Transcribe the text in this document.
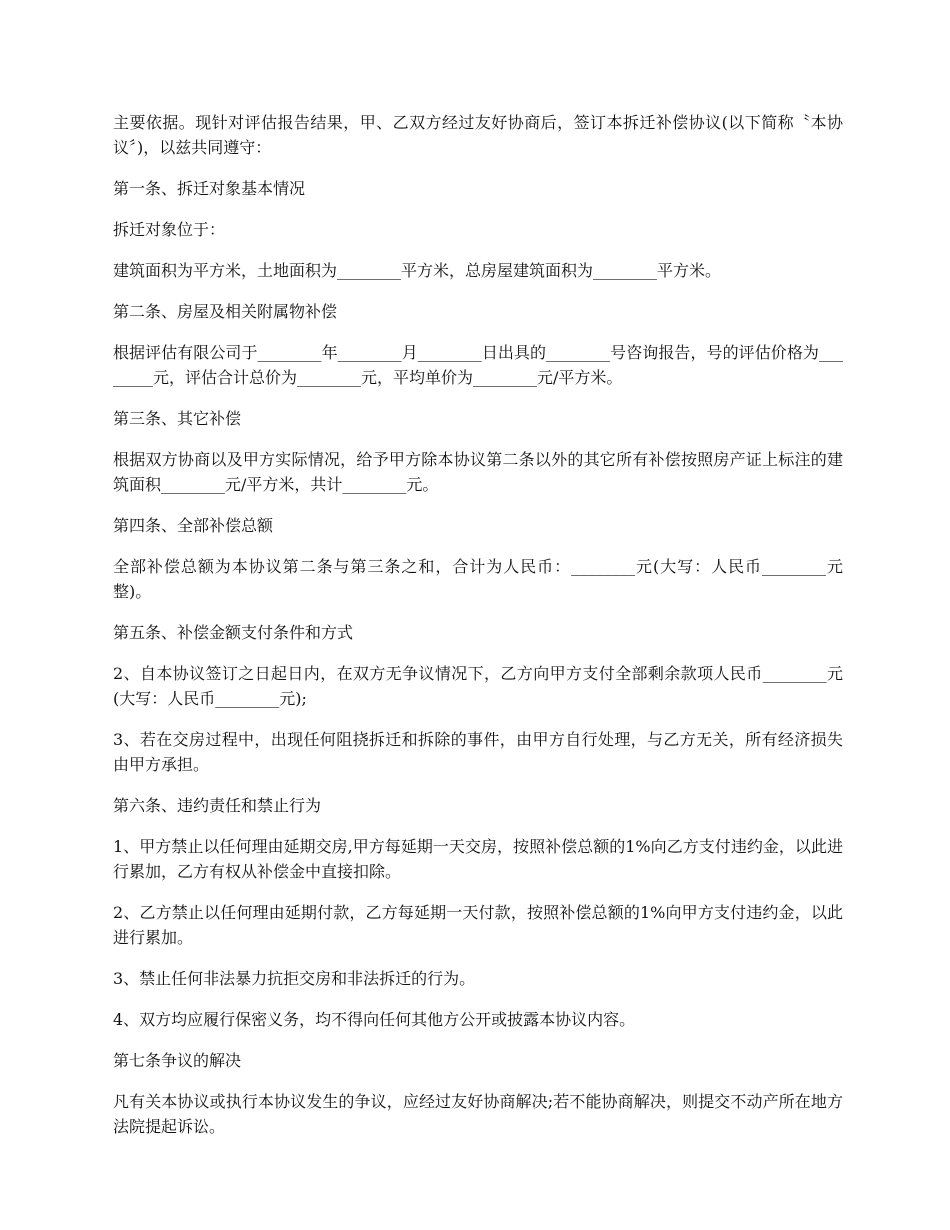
主要依据。现针对评估报告结果，甲、乙双方经过友好协商后，签订本拆迁补偿协议(以下简称〝本协议〞)，以兹共同遵守：

第一条、拆迁对象基本情况

拆迁对象位于：

建筑面积为平方米，土地面积为________平方米，总房屋建筑面积为________平方米。

第二条、房屋及相关附属物补偿

根据评估有限公司于________年________月________日出具的________号咨询报告，号的评估价格为________元，评估合计总价为________元，平均单价为________元/平方米。

第三条、其它补偿

根据双方协商以及甲方实际情况，给予甲方除本协议第二条以外的其它所有补偿按照房产证上标注的建筑面积________元/平方米，共计________元。

第四条、全部补偿总额

全部补偿总额为本协议第二条与第三条之和，合计为人民币：________元(大写：人民币________元整)。

第五条、补偿金额支付条件和方式

2、自本协议签订之日起日内，在双方无争议情况下，乙方向甲方支付全部剩余款项人民币________元(大写：人民币________元);

3、若在交房过程中，出现任何阻挠拆迁和拆除的事件，由甲方自行处理，与乙方无关，所有经济损失由甲方承担。

第六条、违约责任和禁止行为

1、甲方禁止以任何理由延期交房,甲方每延期一天交房，按照补偿总额的1%向乙方支付违约金，以此进行累加，乙方有权从补偿金中直接扣除。

2、乙方禁止以任何理由延期付款，乙方每延期一天付款，按照补偿总额的1%向甲方支付违约金，以此进行累加。

3、禁止任何非法暴力抗拒交房和非法拆迁的行为。

4、双方均应履行保密义务，均不得向任何其他方公开或披露本协议内容。

第七条争议的解决

凡有关本协议或执行本协议发生的争议，应经过友好协商解决;若不能协商解决，则提交不动产所在地方法院提起诉讼。
